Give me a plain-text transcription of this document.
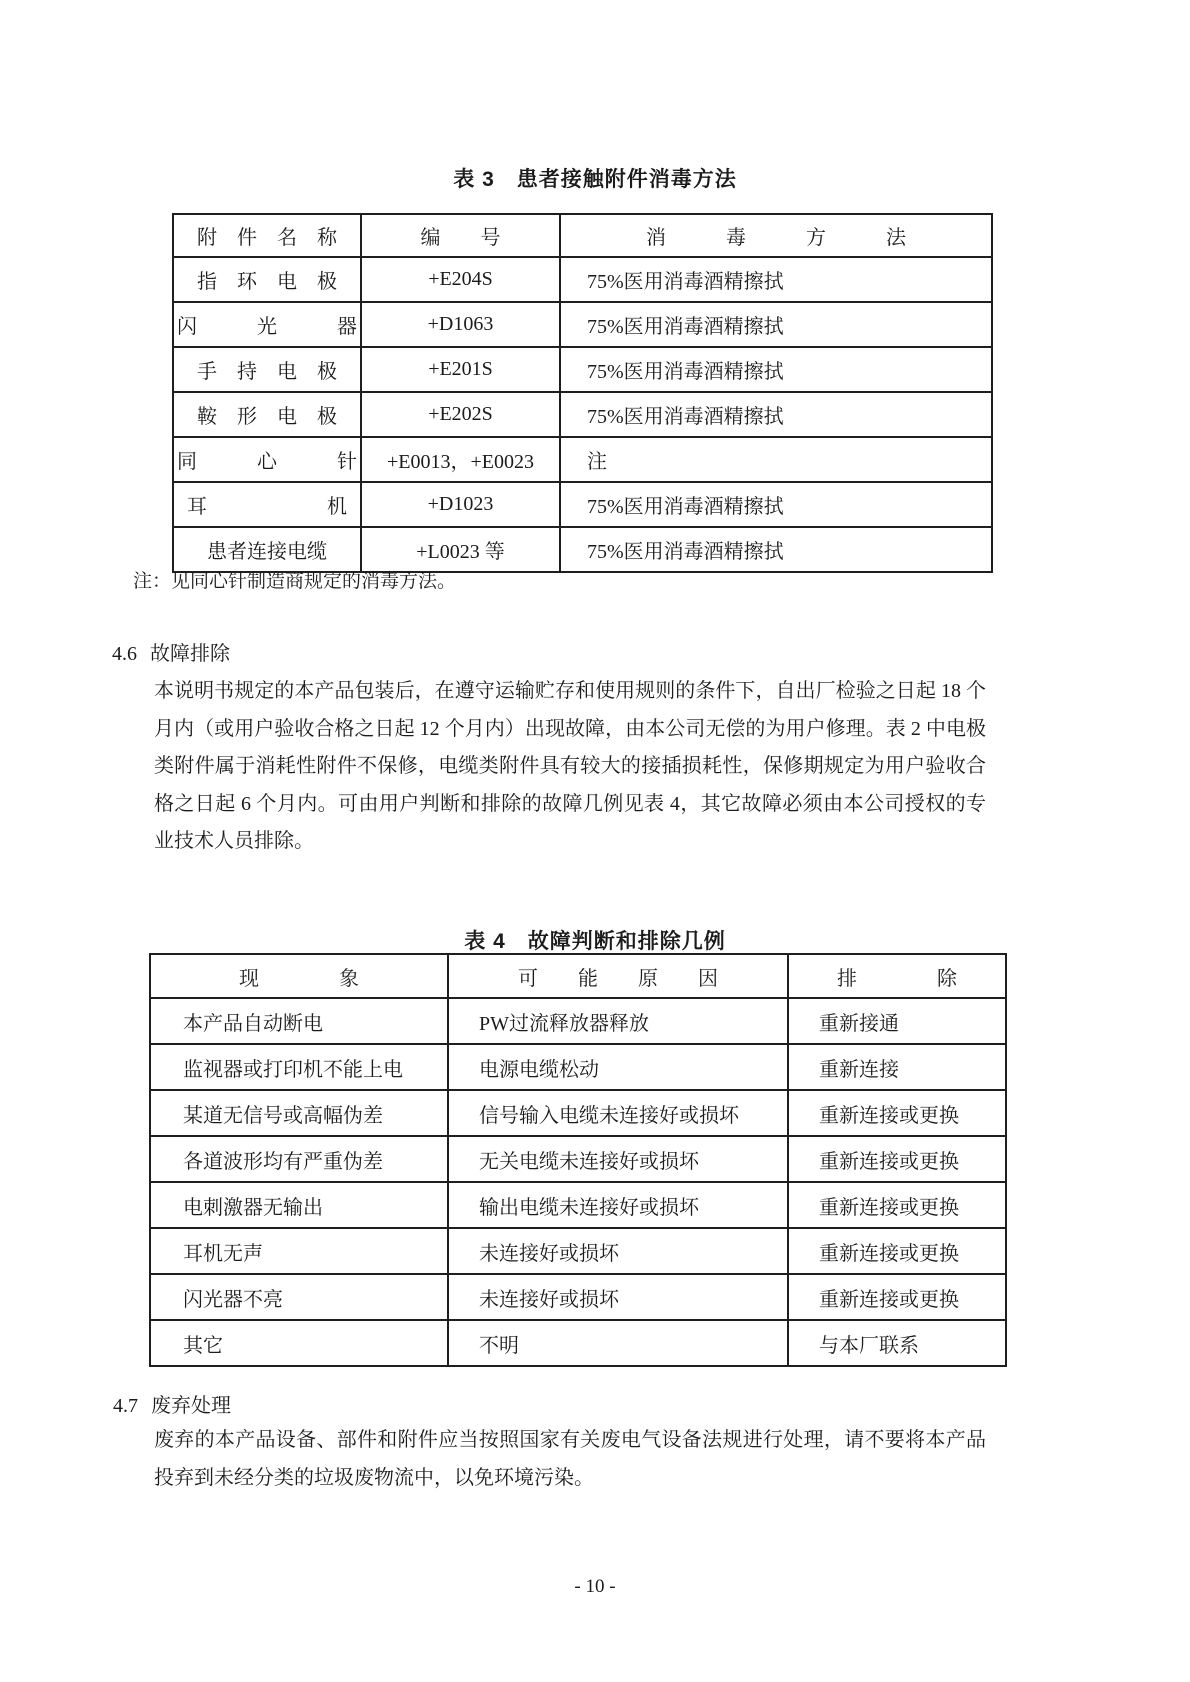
表 3　患者接触附件消毒方法
附　件　名　称	编　　号	消　　　毒　　　方　　　法
指　环　电　极	+E204S	75%医用消毒酒精擦拭
闪　　　光　　　器	+D1063	75%医用消毒酒精擦拭
手　持　电　极	+E201S	75%医用消毒酒精擦拭
鞍　形　电　极	+E202S	75%医用消毒酒精擦拭
同　　　心　　　针	+E0013，+E0023	注
耳　　　　　　机	+D1023	75%医用消毒酒精擦拭
患者连接电缆	+L0023 等	75%医用消毒酒精擦拭
注：见同心针制造商规定的消毒方法。
4.6 故障排除
本说明书规定的本产品包装后，在遵守运输贮存和使用规则的条件下，自出厂检验之日起 18 个月内（或用户验收合格之日起 12 个月内）出现故障，由本公司无偿的为用户修理。表 2 中电极类附件属于消耗性附件不保修，电缆类附件具有较大的接插损耗性，保修期规定为用户验收合格之日起 6 个月内。可由用户判断和排除的故障几例见表 4，其它故障必须由本公司授权的专业技术人员排除。
表 4　故障判断和排除几例
现　　　　象	可　　能　　原　　因	排　　　　除
本产品自动断电	PW过流释放器释放	重新接通
监视器或打印机不能上电	电源电缆松动	重新连接
某道无信号或高幅伪差	信号输入电缆未连接好或损坏	重新连接或更换
各道波形均有严重伪差	无关电缆未连接好或损坏	重新连接或更换
电刺激器无输出	输出电缆未连接好或损坏	重新连接或更换
耳机无声	未连接好或损坏	重新连接或更换
闪光器不亮	未连接好或损坏	重新连接或更换
其它	不明	与本厂联系
4.7 废弃处理
废弃的本产品设备、部件和附件应当按照国家有关废电气设备法规进行处理，请不要将本产品投弃到未经分类的垃圾废物流中，以免环境污染。
- 10 -
